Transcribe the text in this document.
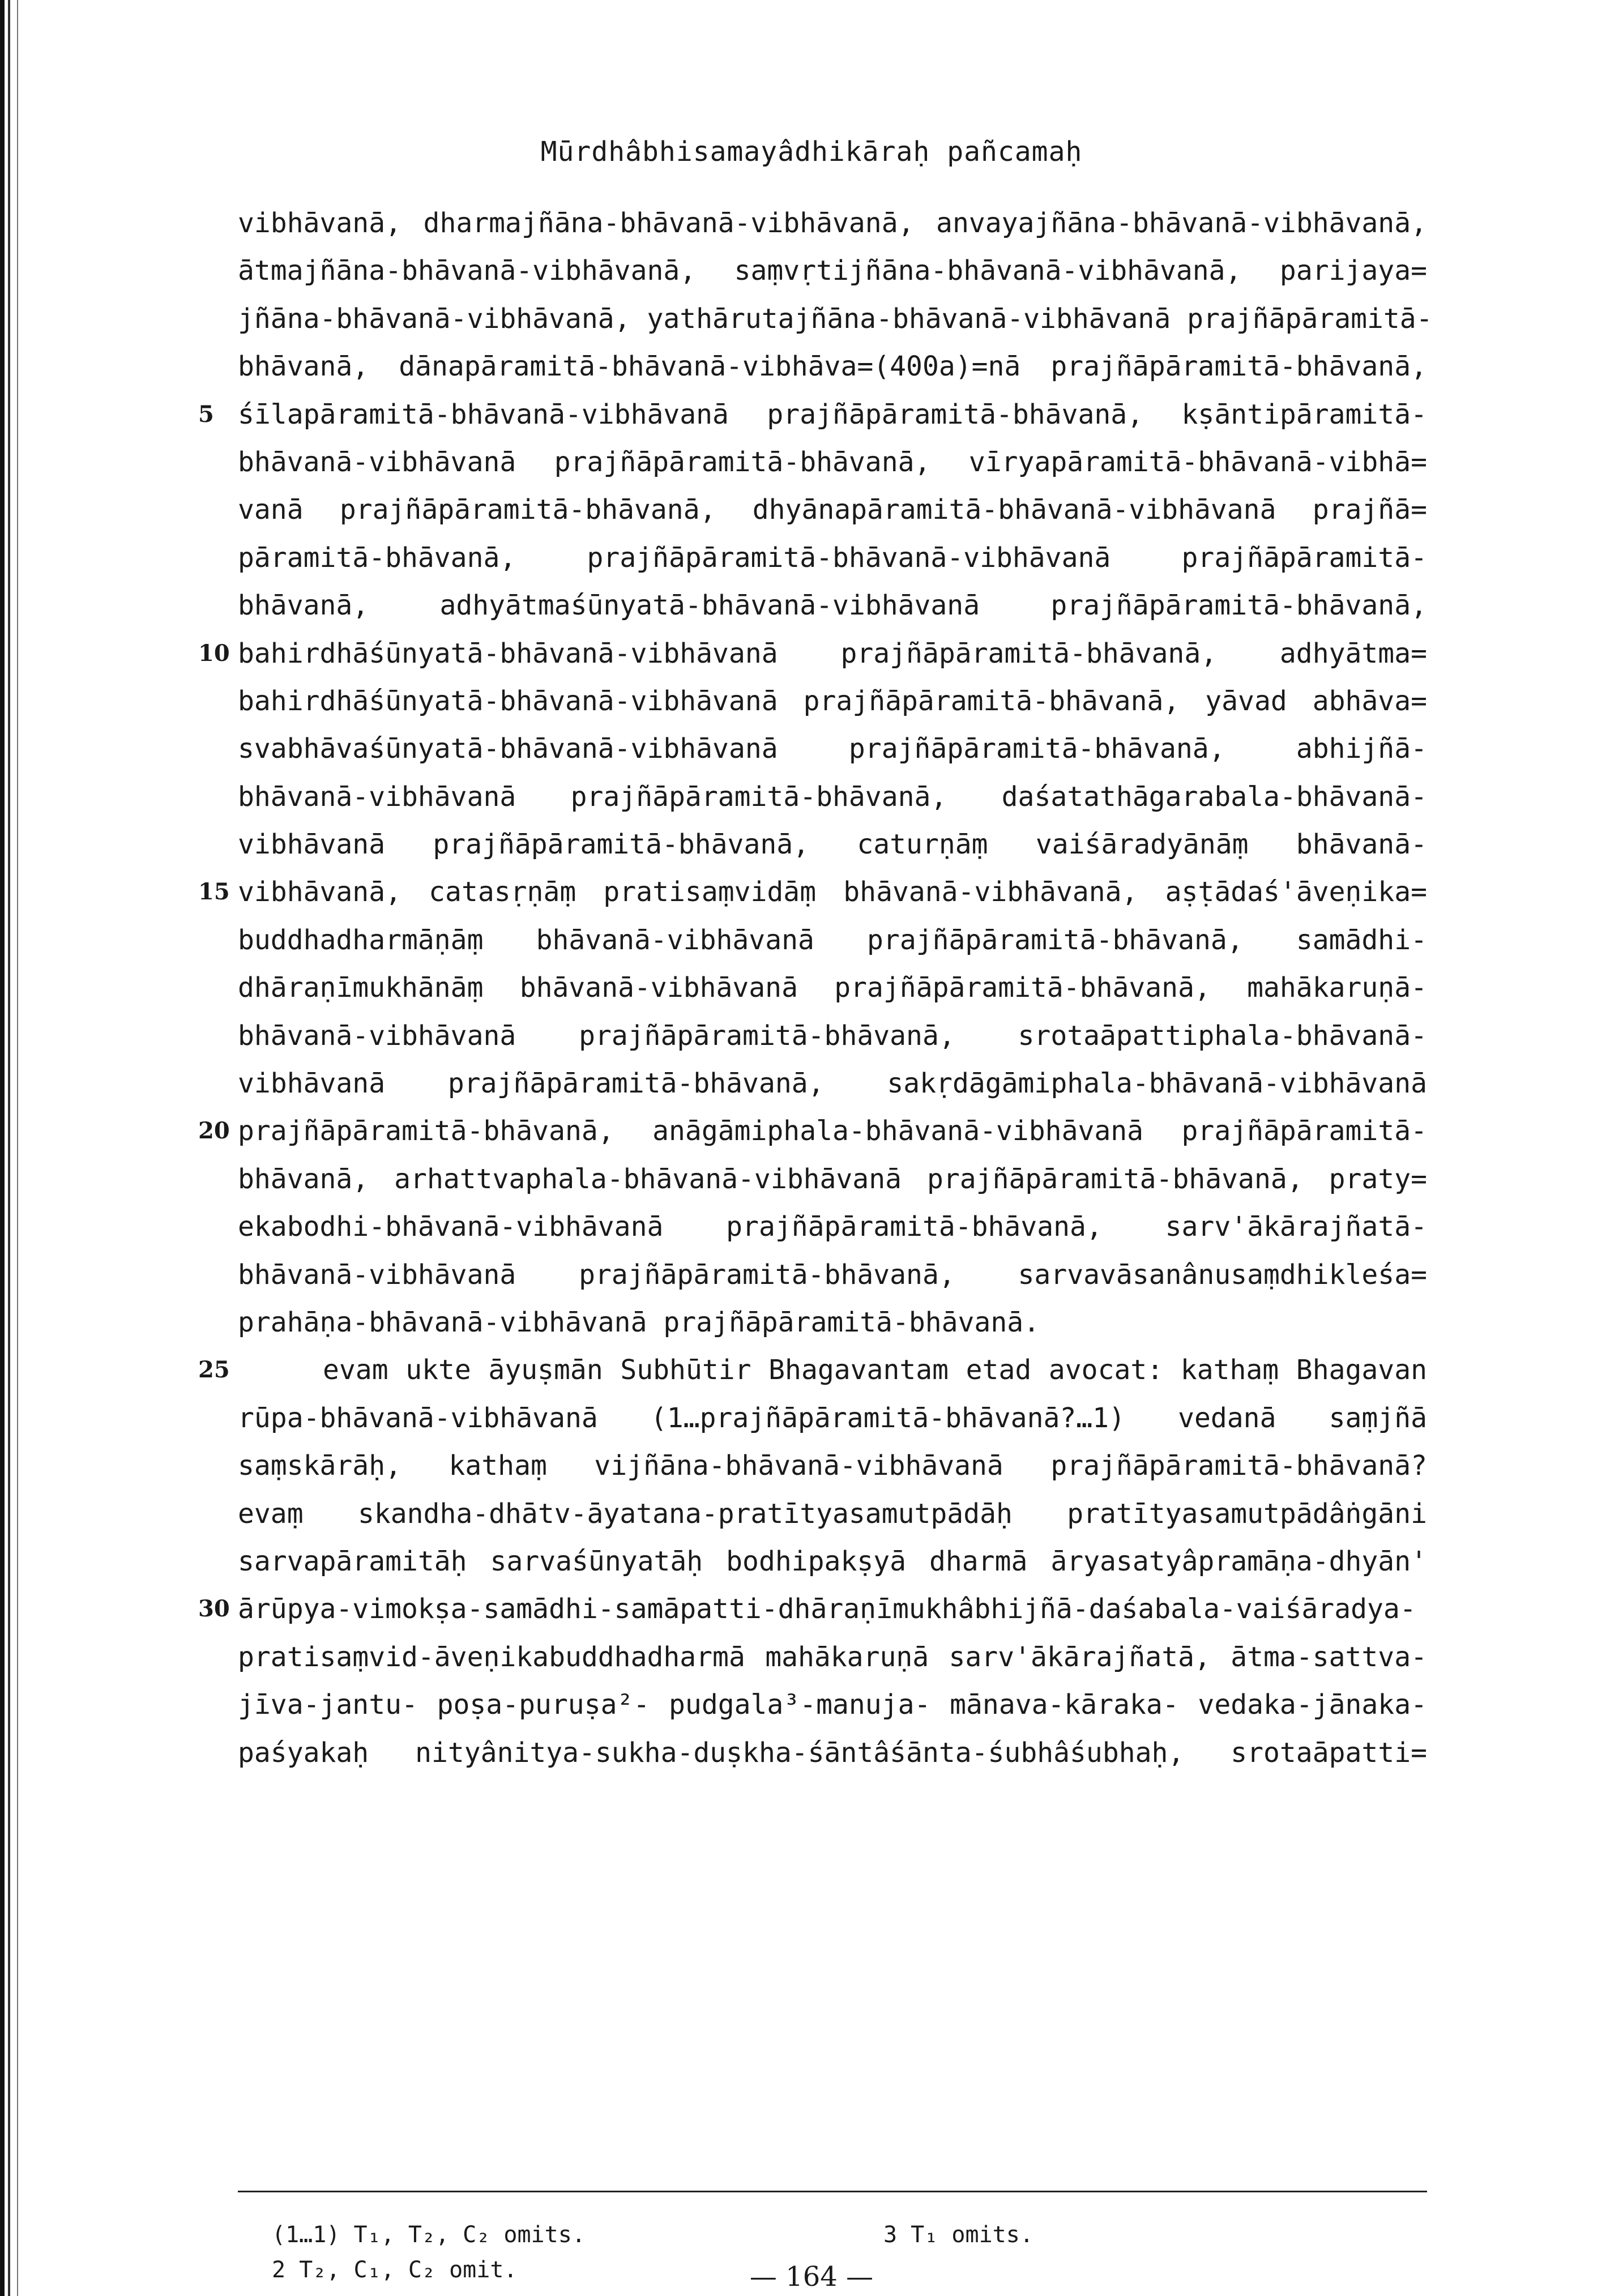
Mūrdhâbhisamayâdhikāraḥ pañcamaḥ
vibhāvanā, dharmajñāna-bhāvanā-vibhāvanā, anvayajñāna-bhāvanā-vibhāvanā,
ātmajñāna-bhāvanā-vibhāvanā, saṃvṛtijñāna-bhāvanā-vibhāvanā, parijaya=
jñāna-bhāvanā-vibhāvanā, yathārutajñāna-bhāvanā-vibhāvanā prajñāpāramitā-
bhāvanā, dānapāramitā-bhāvanā-vibhāva=(400a)=nā prajñāpāramitā-bhāvanā,
5 śīlapāramitā-bhāvanā-vibhāvanā prajñāpāramitā-bhāvanā, kṣāntipāramitā-
bhāvanā-vibhāvanā prajñāpāramitā-bhāvanā, vīryapāramitā-bhāvanā-vibhā=
vanā prajñāpāramitā-bhāvanā, dhyānapāramitā-bhāvanā-vibhāvanā prajñā=
pāramitā-bhāvanā, prajñāpāramitā-bhāvanā-vibhāvanā prajñāpāramitā-
bhāvanā, adhyātmaśūnyatā-bhāvanā-vibhāvanā prajñāpāramitā-bhāvanā,
10 bahirdhāśūnyatā-bhāvanā-vibhāvanā prajñāpāramitā-bhāvanā, adhyātma=
bahirdhāśūnyatā-bhāvanā-vibhāvanā prajñāpāramitā-bhāvanā, yāvad abhāva=
svabhāvaśūnyatā-bhāvanā-vibhāvanā prajñāpāramitā-bhāvanā, abhijñā-
bhāvanā-vibhāvanā prajñāpāramitā-bhāvanā, daśatathāgarabala-bhāvanā-
vibhāvanā prajñāpāramitā-bhāvanā, caturṇāṃ vaiśāradyānāṃ bhāvanā-
15 vibhāvanā, catasṛṇāṃ pratisaṃvidāṃ bhāvanā-vibhāvanā, aṣṭādaś'āveṇika=
buddhadharmāṇāṃ bhāvanā-vibhāvanā prajñāpāramitā-bhāvanā, samādhi-
dhāraṇīmukhānāṃ bhāvanā-vibhāvanā prajñāpāramitā-bhāvanā, mahākaruṇā-
bhāvanā-vibhāvanā prajñāpāramitā-bhāvanā, srotaāpattiphala-bhāvanā-
vibhāvanā prajñāpāramitā-bhāvanā, sakṛdāgāmiphala-bhāvanā-vibhāvanā
20 prajñāpāramitā-bhāvanā, anāgāmiphala-bhāvanā-vibhāvanā prajñāpāramitā-
bhāvanā, arhattvaphala-bhāvanā-vibhāvanā prajñāpāramitā-bhāvanā, praty=
ekabodhi-bhāvanā-vibhāvanā prajñāpāramitā-bhāvanā, sarv'ākārajñatā-
bhāvanā-vibhāvanā prajñāpāramitā-bhāvanā, sarvavāsanânusaṃdhikleśa=
prahāṇa-bhāvanā-vibhāvanā prajñāpāramitā-bhāvanā.
25	evam ukte āyuṣmān Subhūtir Bhagavantam etad avocat: kathaṃ Bhagavan
rūpa-bhāvanā-vibhāvanā (1…prajñāpāramitā-bhāvanā?…1) vedanā saṃjñā
saṃskārāḥ, kathaṃ vijñāna-bhāvanā-vibhāvanā prajñāpāramitā-bhāvanā?
evaṃ skandha-dhātv-āyatana-pratītyasamutpādāḥ pratītyasamutpādâṅgāni
sarvapāramitāḥ sarvaśūnyatāḥ bodhipakṣyā dharmā āryasatyâpramāṇa-dhyān'
30 ārūpya-vimokṣa-samādhi-samāpatti-dhāraṇīmukhâbhijñā-daśabala-vaiśāradya-
pratisaṃvid-āveṇikabuddhadharmā mahākaruṇā sarv'ākārajñatā, ātma-sattva-
jīva-jantu- poṣa-puruṣa²- pudgala³-manuja- mānava-kāraka- vedaka-jānaka-
paśyakaḥ nityânitya-sukha-duṣkha-śāntâśānta-śubhâśubhaḥ, srotaāpatti=
(1…1) T₁, T₂, C₂ omits.
2 T₂, C₁, C₂ omit.
3 T₁ omits.
— 164 —
